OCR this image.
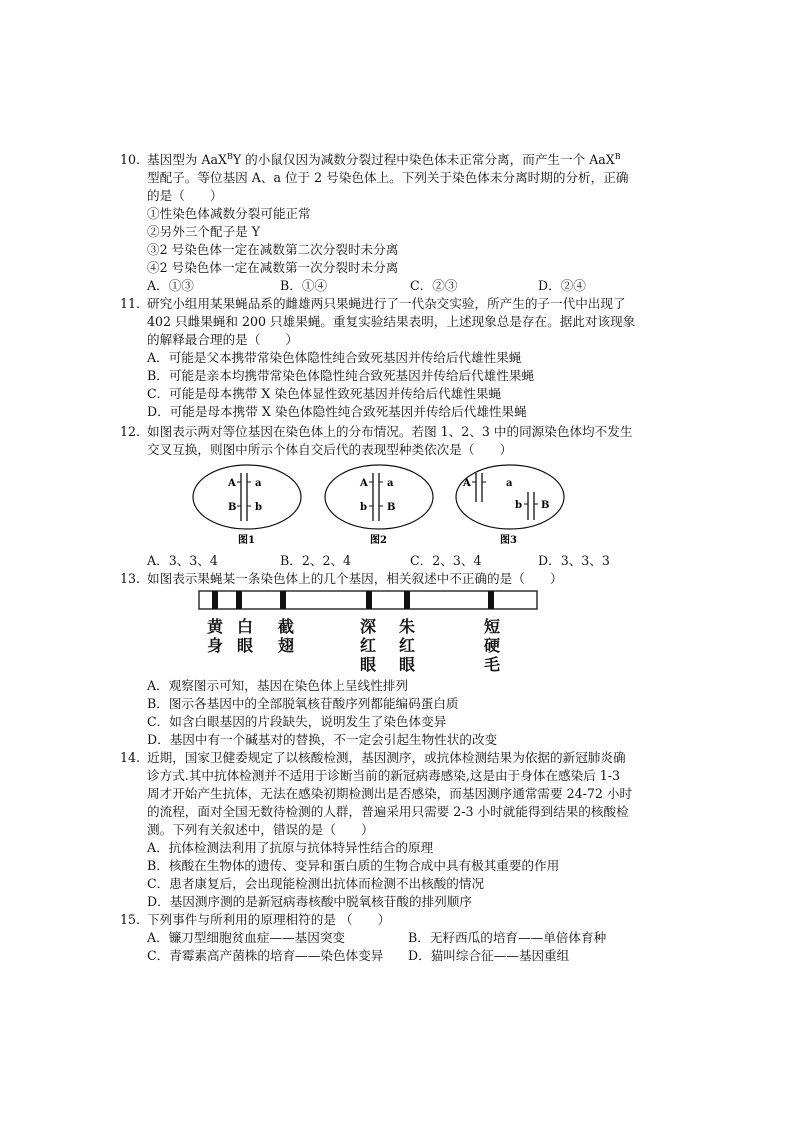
10. 基因型为 AaX$^B$Y 的小鼠仅因为减数分裂过程中染色体未正常分离，而产生一个 AaX$^B$
型配子。等位基因 A、a 位于 2 号染色体上。下列关于染色体未分离时期的分析，正确
的是（　　）
①性染色体减数分裂可能正常
②另外三个配子是 Y
③2 号染色体一定在减数第二次分裂时未分离
④2 号染色体一定在减数第一次分裂时未分离
A．①③	B．①④	C．②③	D．②④
11. 研究小组用某果蝇品系的雌雄两只果蝇进行了一代杂交实验，所产生的子一代中出现了
402 只雌果蝇和 200 只雄果蝇。重复实验结果表明，上述现象总是存在。据此对该现象
的解释最合理的是（　　）
A．可能是父本携带常染色体隐性纯合致死基因并传给后代雄性果蝇
B．可能是亲本均携带常染色体隐性纯合致死基因并传给后代雄性果蝇
C．可能是母本携带 X 染色体显性致死基因并传给后代雄性果蝇
D．可能是母本携带 X 染色体隐性纯合致死基因并传给后代雄性果蝇
12. 如图表示两对等位基因在染色体上的分布情况。若图 1、2、3 中的同源染色体均不发生
交叉互换，则图中所示个体自交后代的表现型种类依次是（　　）
A a
B b
图1
A a
b B
图2
A	a
b B
图3
A．3、3、4	B．2、2、4	C．2、3、4	D．3、3、3
13. 如图表示果蝇某一条染色体上的几个基因，相关叙述中不正确的是（　　）
黄
身
白
眼
截
翅
深
红
眼
朱
红
眼
短
硬
毛
A．观察图示可知，基因在染色体上呈线性排列
B．图示各基因中的全部脱氧核苷酸序列都能编码蛋白质
C．如含白眼基因的片段缺失，说明发生了染色体变异
D．基因中有一个碱基对的替换，不一定会引起生物性状的改变
14. 近期，国家卫健委规定了以核酸检测，基因测序，或抗体检测结果为依据的新冠肺炎确
诊方式.其中抗体检测并不适用于诊断当前的新冠病毒感染,这是由于身体在感染后 1-3
周才开始产生抗体，无法在感染初期检测出是否感染，而基因测序通常需要 24-72 小时
的流程，面对全国无数待检测的人群，普遍采用只需要 2-3 小时就能得到结果的核酸检
测。下列有关叙述中，错误的是（　　）
A．抗体检测法利用了抗原与抗体特异性结合的原理
B．核酸在生物体的遗传、变异和蛋白质的生物合成中具有极其重要的作用
C．患者康复后，会出现能检测出抗体而检测不出核酸的情况
D．基因测序测的是新冠病毒核酸中脱氧核苷酸的排列顺序
15. 下列事件与所利用的原理相符的是 （　　）
A．镰刀型细胞贫血症——基因突变	B．无籽西瓜的培育——单倍体育种
C．青霉素高产菌株的培育——染色体变异 D．猫叫综合征——基因重组
